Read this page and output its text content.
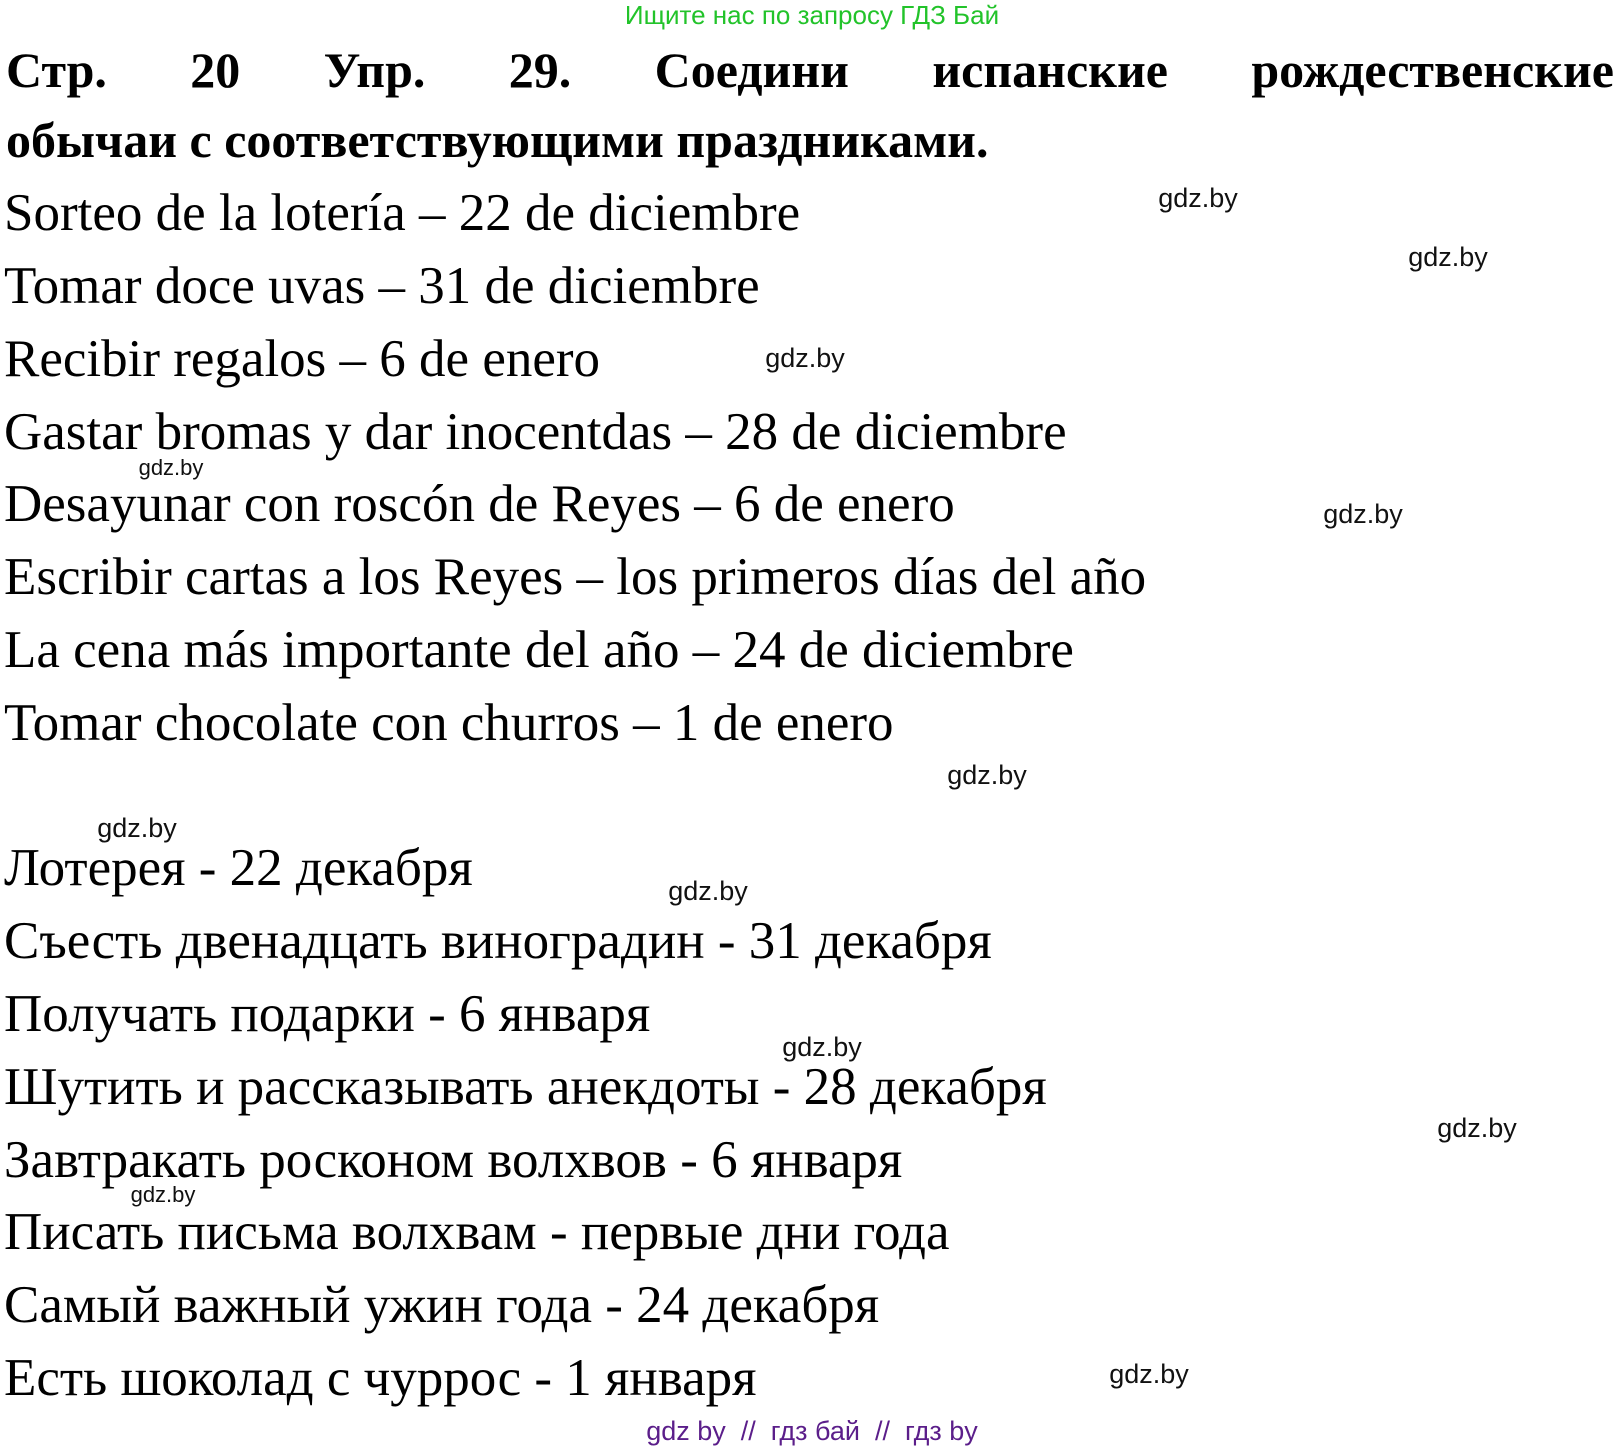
Ищите нас по запросу ГДЗ Бай
Стр. 20 Упр. 29. Соедини испанские рождественские
обычаи с соответствующими праздниками.
Sorteo de la lotería – 22 de diciembre
Tomar doce uvas – 31 de diciembre
Recibir regalos – 6 de enero
Gastar bromas y dar inocentdas – 28 de diciembre
Desayunar con roscón de Reyes – 6 de enero
Escribir cartas a los Reyes – los primeros días del año
La cena más importante del año – 24 de diciembre
Tomar chocolate con churros – 1 de enero
Лотерея - 22 декабря
Съесть двенадцать виноградин - 31 декабря
Получать подарки - 6 января
Шутить и рассказывать анекдоты - 28 декабря
Завтракать росконом волхвов - 6 января
Писать письма волхвам - первые дни года
Самый важный ужин года - 24 декабря
Есть шоколад с чуррос - 1 января
gdz.by
gdz.by
gdz.by
gdz.by
gdz.by
gdz.by
gdz.by
gdz.by
gdz.by
gdz.by
gdz.by
gdz.by
gdz by  //  гдз бай  //  гдз by
